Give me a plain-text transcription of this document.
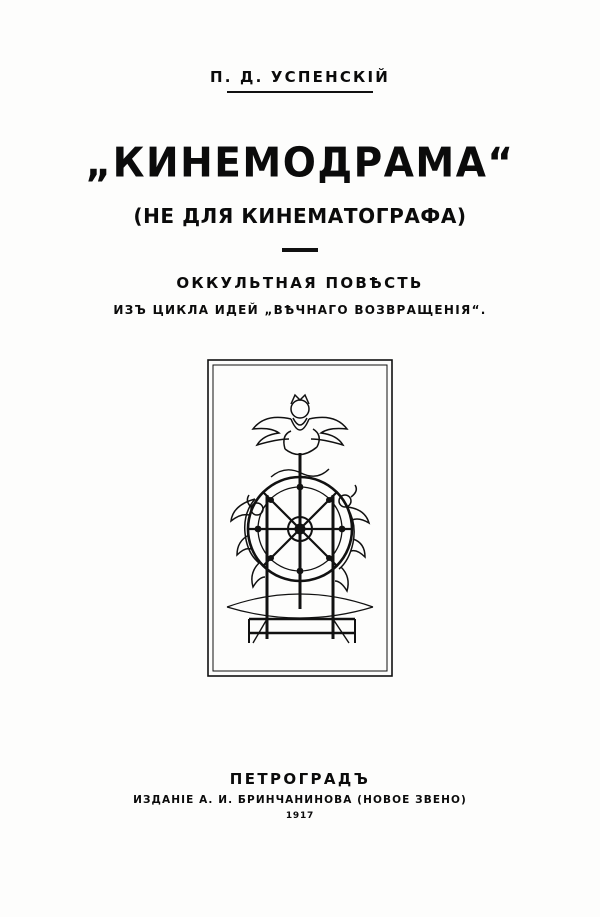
П. Д. УСПЕНСКІЙ
„КИНЕМОДРАМА“
(НЕ ДЛЯ КИНЕМАТОГРАФА)
ОККУЛЬТНАЯ ПОВѢСТЬ
ИЗЪ ЦИКЛА ИДЕЙ „ВѢЧНАГО ВОЗВРАЩЕНІЯ“.
ПЕТРОГРАДЪ
ИЗДАНІЕ А. И. БРИНЧАНИНОВА (НОВОЕ ЗВЕНО)
1917
